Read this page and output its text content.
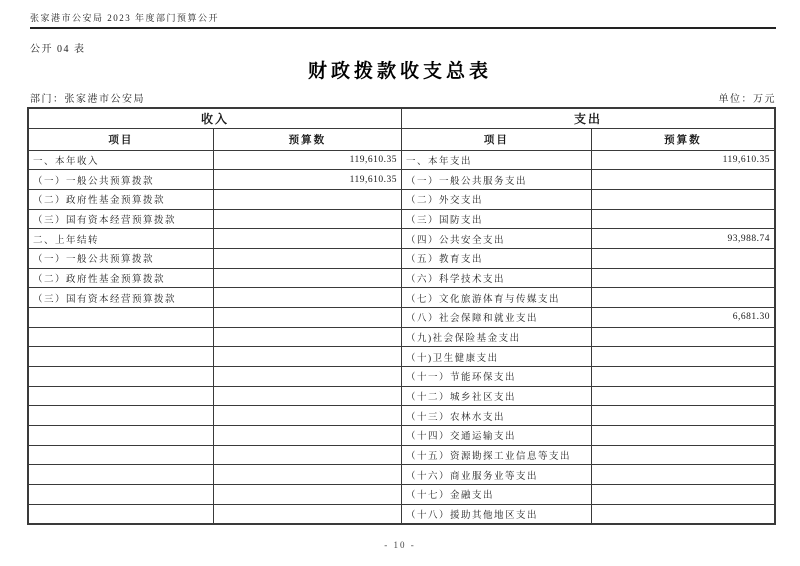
张家港市公安局 2023 年度部门预算公开
公开 04 表
财政拨款收支总表
部门：张家港市公安局	单位：万元
收入		支出	
项目	预算数	项目	预算数
一、本年收入	119,610.35	一、本年支出	119,610.35
（一）一般公共预算拨款	119,610.35	（一）一般公共服务支出	
（二）政府性基金预算拨款		（二）外交支出	
（三）国有资本经营预算拨款		（三）国防支出	
二、上年结转		（四）公共安全支出	93,988.74
（一）一般公共预算拨款		（五）教育支出	
（二）政府性基金预算拨款		（六）科学技术支出	
（三）国有资本经营预算拨款		（七）文化旅游体育与传媒支出	
		（八）社会保障和就业支出	6,681.30
		（九)社会保险基金支出	
		（十)卫生健康支出	
		（十一）节能环保支出	
		（十二）城乡社区支出	
		（十三）农林水支出	
		（十四）交通运输支出	
		（十五）资源勘探工业信息等支出	
		（十六）商业服务业等支出	
		（十七）金融支出	
		（十八）援助其他地区支出	
- 10 -
